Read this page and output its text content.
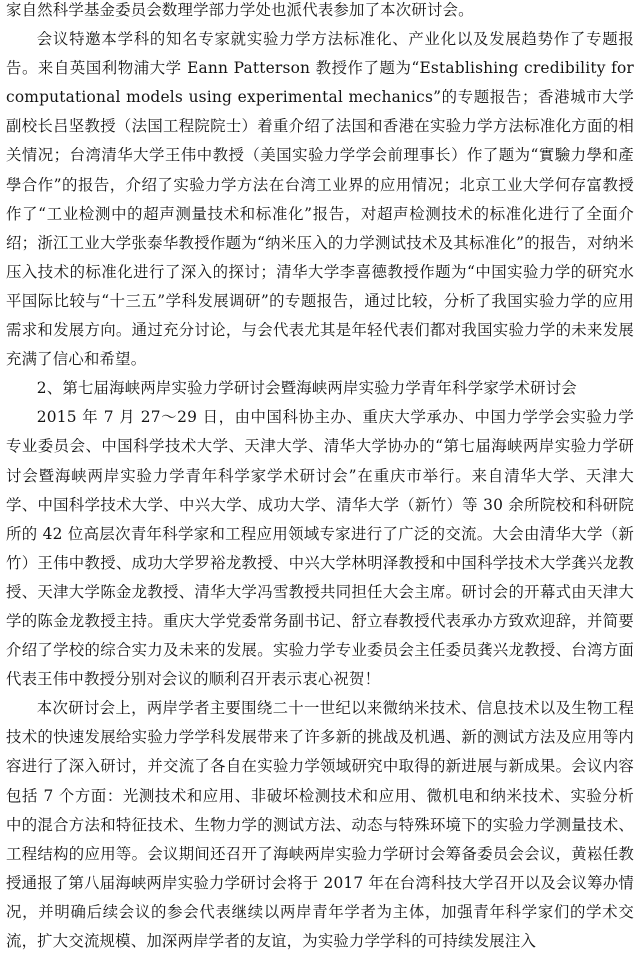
家自然科学基金委员会数理学部力学处也派代表参加了本次研讨会。

会议特邀本学科的知名专家就实验力学方法标准化、产业化以及发展趋势作了专题报告。来自英国利物浦大学 Eann Patterson 教授作了题为“Establishing credibility for computational models using experimental mechanics”的专题报告；香港城市大学副校长吕坚教授（法国工程院院士）着重介绍了法国和香港在实验力学方法标准化方面的相关情况；台湾清华大学王伟中教授（美国实验力学学会前理事长）作了题为“實驗力學和產學合作”的报告，介绍了实验力学方法在台湾工业界的应用情况；北京工业大学何存富教授作了“工业检测中的超声测量技术和标准化”报告，对超声检测技术的标准化进行了全面介绍；浙江工业大学张泰华教授作题为“纳米压入的力学测试技术及其标准化”的报告，对纳米压入技术的标准化进行了深入的探讨；清华大学李喜德教授作题为“中国实验力学的研究水平国际比较与“十三五”学科发展调研”的专题报告，通过比较，分析了我国实验力学的应用需求和发展方向。通过充分讨论，与会代表尤其是年轻代表们都对我国实验力学的未来发展充满了信心和希望。

2、第七届海峡两岸实验力学研讨会暨海峡两岸实验力学青年科学家学术研讨会

2015 年 7 月 27～29 日，由中国科协主办、重庆大学承办、中国力学学会实验力学专业委员会、中国科学技术大学、天津大学、清华大学协办的“第七届海峡两岸实验力学研讨会暨海峡两岸实验力学青年科学家学术研讨会”在重庆市举行。来自清华大学、天津大学、中国科学技术大学、中兴大学、成功大学、清华大学（新竹）等 30 余所院校和科研院所的 42 位高层次青年科学家和工程应用领域专家进行了广泛的交流。大会由清华大学（新竹）王伟中教授、成功大学罗裕龙教授、中兴大学林明泽教授和中国科学技术大学龚兴龙教授、天津大学陈金龙教授、清华大学冯雪教授共同担任大会主席。研讨会的开幕式由天津大学的陈金龙教授主持。重庆大学党委常务副书记、舒立春教授代表承办方致欢迎辞，并简要介绍了学校的综合实力及未来的发展。实验力学专业委员会主任委员龚兴龙教授、台湾方面代表王伟中教授分别对会议的顺利召开表示衷心祝贺！

本次研讨会上，两岸学者主要围绕二十一世纪以来微纳米技术、信息技术以及生物工程技术的快速发展给实验力学学科发展带来了许多新的挑战及机遇、新的测试方法及应用等内容进行了深入研讨，并交流了各自在实验力学领域研究中取得的新进展与新成果。会议内容包括 7 个方面：光测技术和应用、非破坏检测技术和应用、微机电和纳米技术、实验分析中的混合方法和特征技术、生物力学的测试方法、动态与特殊环境下的实验力学测量技术、工程结构的应用等。会议期间还召开了海峡两岸实验力学研讨会筹备委员会会议，黄崧任教授通报了第八届海峡两岸实验力学研讨会将于 2017 年在台湾科技大学召开以及会议筹办情况，并明确后续会议的参会代表继续以两岸青年学者为主体，加强青年科学家们的学术交流，扩大交流规模、加深两岸学者的友谊，为实验力学学科的可持续发展注入
